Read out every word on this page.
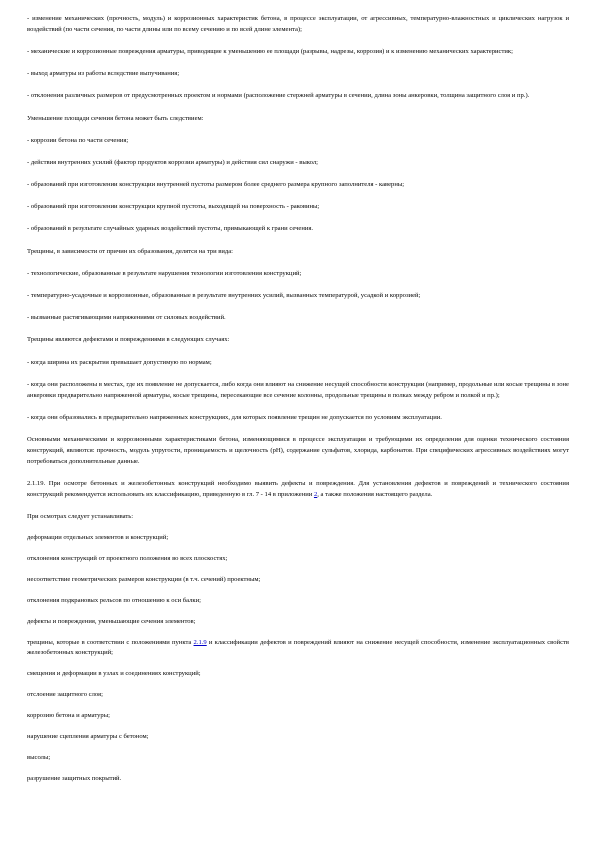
- изменение механических (прочность, модуль) и коррозионных характеристик бетона, в процессе эксплуатации, от агрессивных, температурно-влажностных и циклических нагрузок и воздействий (по части сечения, по части длины или по всему сечению и по всей длине элемента);

- механические и коррозионные повреждения арматуры, приводящие к уменьшению ее площади (разрывы, надрезы, коррозия) и к изменению механических характеристик;

- выход арматуры из работы вследствие выпучивания;

- отклонения различных размеров от предусмотренных проектом и нормами (расположение стержней арматуры в сечении, длина зоны анкеровки, толщина защитного слоя и пр.).

Уменьшение площади сечения бетона может быть следствием:

- коррозии бетона по части сечения;

- действия внутренних усилий (фактор продуктов коррозии арматуры) и действия сил снаружи - выкол;

- образований при изготовлении конструкции внутренней пустоты размером более среднего размера крупного заполнителя - каверны;

- образований при изготовлении конструкции крупной пустоты, выходящей на поверхность - раковины;

- образований в результате случайных ударных воздействий пустоты, примыкающей к грани сечения.

Трещины, в зависимости от причин их образования, делятся на три вида:

- технологические, образованные в результате нарушения технологии изготовления конструкций;

- температурно-усадочные и коррозионные, образованные в результате внутренних усилий, вызванных температурой, усадкой и коррозией;

- вызванные растягивающими напряжениями от силовых воздействий.

Трещины являются дефектами и повреждениями в следующих случаях:

- когда ширина их раскрытия превышает допустимую по нормам;

- когда они расположены в местах, где их появление не допускается, либо когда они влияют на снижение несущей способности конструкции (например, продольные или косые трещины в зоне анкеровки предварительно напряженной арматуры, косые трещины, пересекающие все сечение колонны, продольные трещины в полках между ребром и полкой и пр.);

- когда они образовались в предварительно напряженных конструкциях, для которых появление трещин не допускается по условиям эксплуатации.

Основными механическими и коррозионными характеристиками бетона, изменяющимися в процессе эксплуатации и требующими их определения для оценки технического состояния конструкций, являются: прочность, модуль упругости, проницаемость и щелочность (pH), содержание сульфатов, хлорида, карбонатов. При специфических агрессивных воздействиях могут потребоваться дополнительные данные.

2.1.19. При осмотре бетонных и железобетонных конструкций необходимо выявить дефекты и повреждения. Для установления дефектов и повреждений и технического состояния конструкций рекомендуется использовать их классификацию, приведенную в гл. 7 - 14 в приложении 2, а также положения настоящего раздела.

При осмотрах следует устанавливать:

деформации отдельных элементов и конструкций;

отклонения конструкций от проектного положения во всех плоскостях;

несоответствие геометрических размеров конструкции (в т.ч. сечений) проектным;

отклонения подкрановых рельсов по отношению к оси балки;

дефекты и повреждения, уменьшающие сечения элементов;

трещины, которые в соответствии с положениями пункта 2.1.9 и классификации дефектов и повреждений влияют на снижение несущей способности, изменение эксплуатационных свойств железобетонных конструкций;

смещения и деформации в узлах и соединениях конструкций;

отслоение защитного слоя;

коррозию бетона и арматуры;

нарушение сцепления арматуры с бетоном;

высолы;

разрушение защитных покрытий.
